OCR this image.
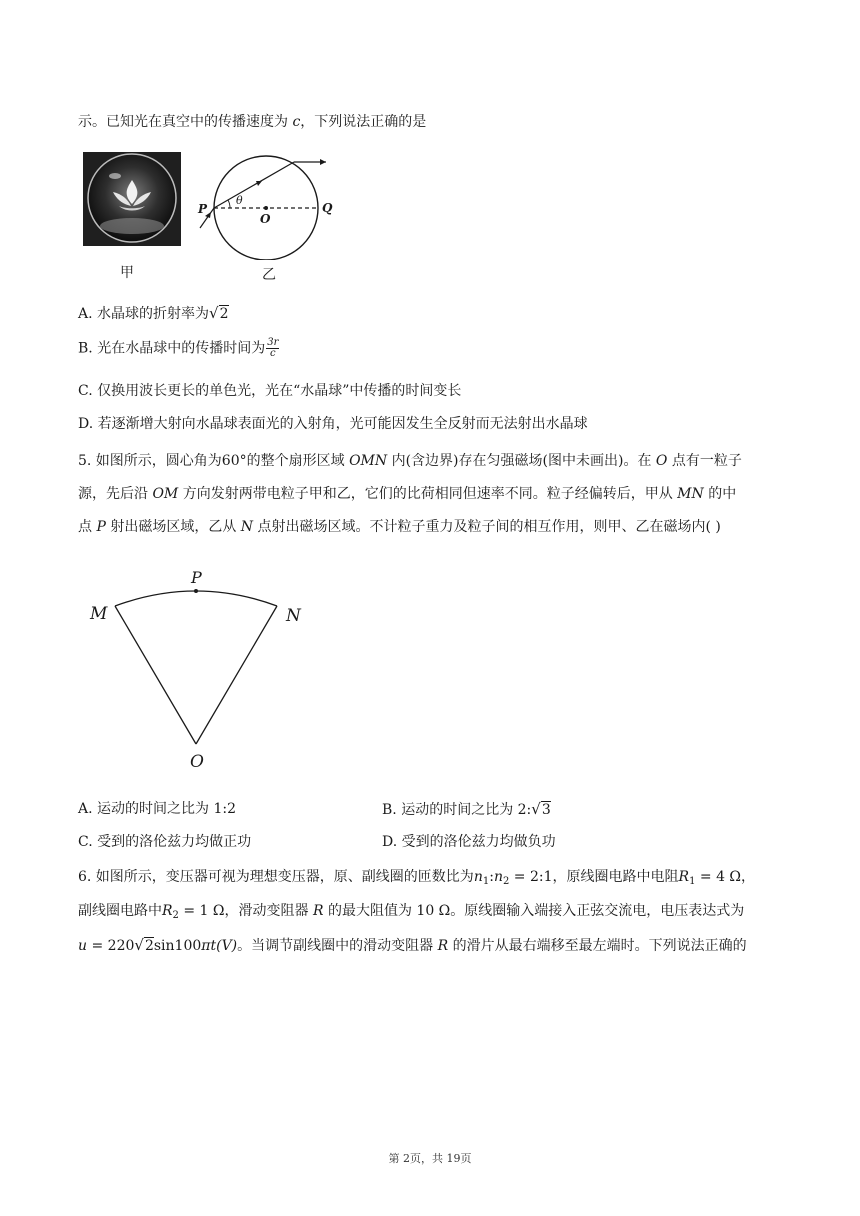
示。已知光在真空中的传播速度为 c，下列说法正确的是
甲
P
O
Q
θ
乙
A. 水晶球的折射率为√2
B. 光在水晶球中的传播时间为 $\frac{3r}{c}$
C. 仅换用波长更长的单色光，光在“水晶球”中传播的时间变长
D. 若逐渐增大射向水晶球表面光的入射角，光可能因发生全反射而无法射出水晶球
5. 如图所示，圆心角为60°的整个扇形区域 OMN 内(含边界)存在匀强磁场(图中未画出)。在 O 点有一粒子
源，先后沿 OM 方向发射两带电粒子甲和乙，它们的比荷相同但速率不同。粒子经偏转后，甲从 MN 的中
点 P 射出磁场区域，乙从 N 点射出磁场区域。不计粒子重力及粒子间的相互作用，则甲、乙在磁场内( )
M	N
P
O
A. 运动的时间之比为 1:2	B. 运动的时间之比为 2:√3
C. 受到的洛伦兹力均做正功	D. 受到的洛伦兹力均做负功
6. 如图所示，变压器可视为理想变压器，原、副线圈的匝数比为$n_1:n_2$ = 2:1，原线圈电路中电阻$R_1 = 4$ Ω，
副线圈电路中$R_2 = 1$ Ω，滑动变阻器 R 的最大阻值为 10 Ω。原线圈输入端接入正弦交流电，电压表达式为
u = 220√2sin100πt(V)。当调节副线圈中的滑动变阻器 R 的滑片从最右端移至最左端时。下列说法正确的
第 2页，共 19页
